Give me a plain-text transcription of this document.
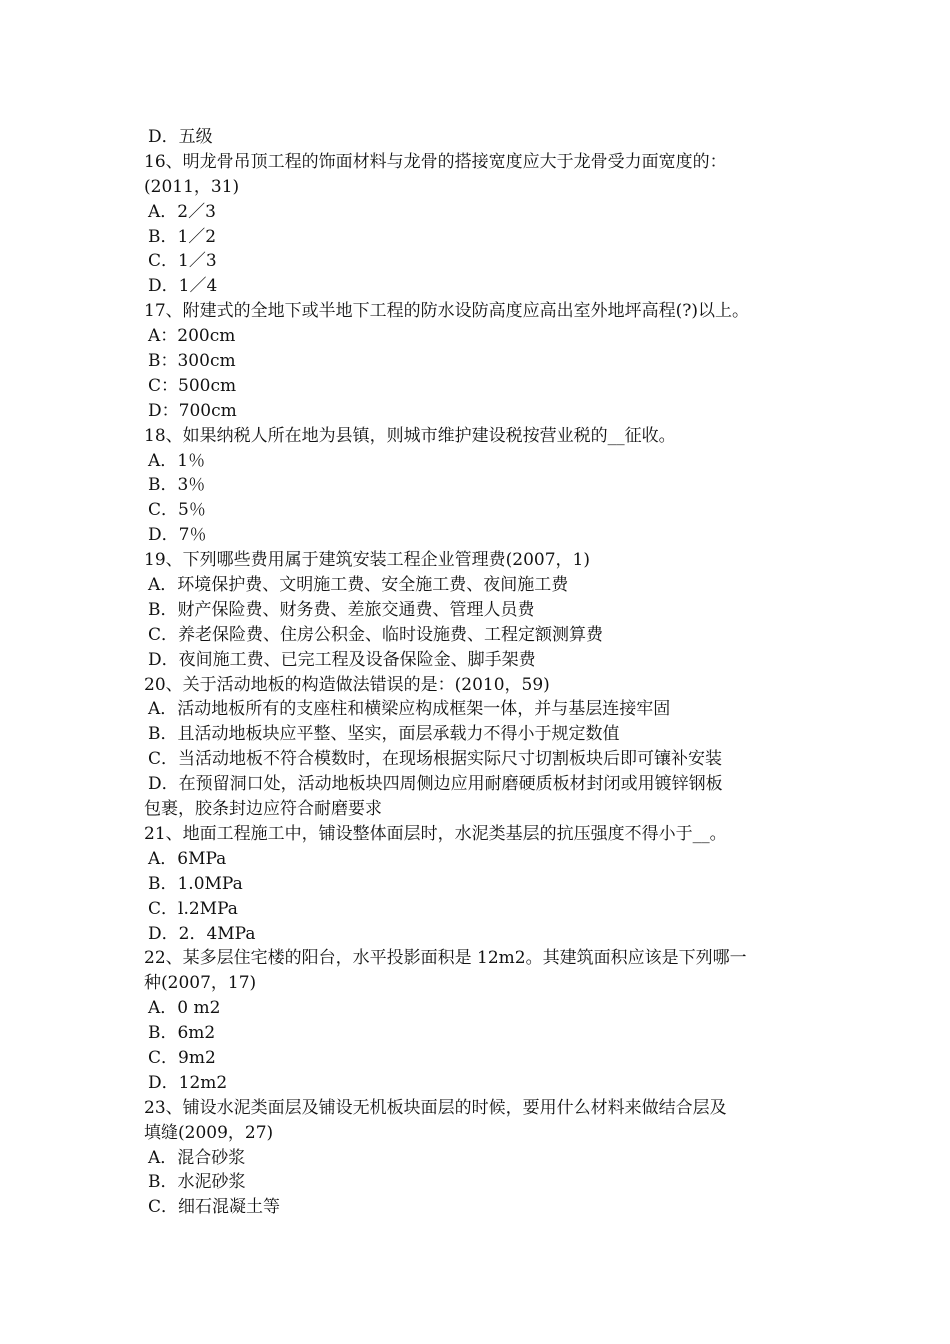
D．五级

16、明龙骨吊顶工程的饰面材料与龙骨的搭接宽度应大于龙骨受力面宽度的：

(2011，31)

A．2／3

B．1／2

C．1／3

D．1／4

17、附建式的全地下或半地下工程的防水设防高度应高出室外地坪高程(?)以上。

A：200cm

B：300cm

C：500cm

D：700cm

18、如果纳税人所在地为县镇，则城市维护建设税按营业税的__征收。

A．1％

B．3％

C．5％

D．7％

19、下列哪些费用属于建筑安装工程企业管理费(2007，1)

A．环境保护费、文明施工费、安全施工费、夜间施工费

B．财产保险费、财务费、差旅交通费、管理人员费

C．养老保险费、住房公积金、临时设施费、工程定额测算费

D．夜间施工费、已完工程及设备保险金、脚手架费

20、关于活动地板的构造做法错误的是：(2010，59)

A．活动地板所有的支座柱和横梁应构成框架一体，并与基层连接牢固

B．且活动地板块应平整、坚实，面层承载力不得小于规定数值

C．当活动地板不符合模数时，在现场根据实际尺寸切割板块后即可镶补安装

D．在预留洞口处，活动地板块四周侧边应用耐磨硬质板材封闭或用镀锌钢板

包裹，胶条封边应符合耐磨要求

21、地面工程施工中，铺设整体面层时，水泥类基层的抗压强度不得小于__。

A．6MPa

B．1.0MPa

C．l.2MPa

D．2．4MPa

22、某多层住宅楼的阳台，水平投影面积是 12m2。其建筑面积应该是下列哪一

种(2007，17)

A．0 m2

B．6m2

C．9m2

D．12m2

23、铺设水泥类面层及铺设无机板块面层的时候，要用什么材料来做结合层及

填缝(2009，27)

A．混合砂浆

B．水泥砂浆

C．细石混凝土等
